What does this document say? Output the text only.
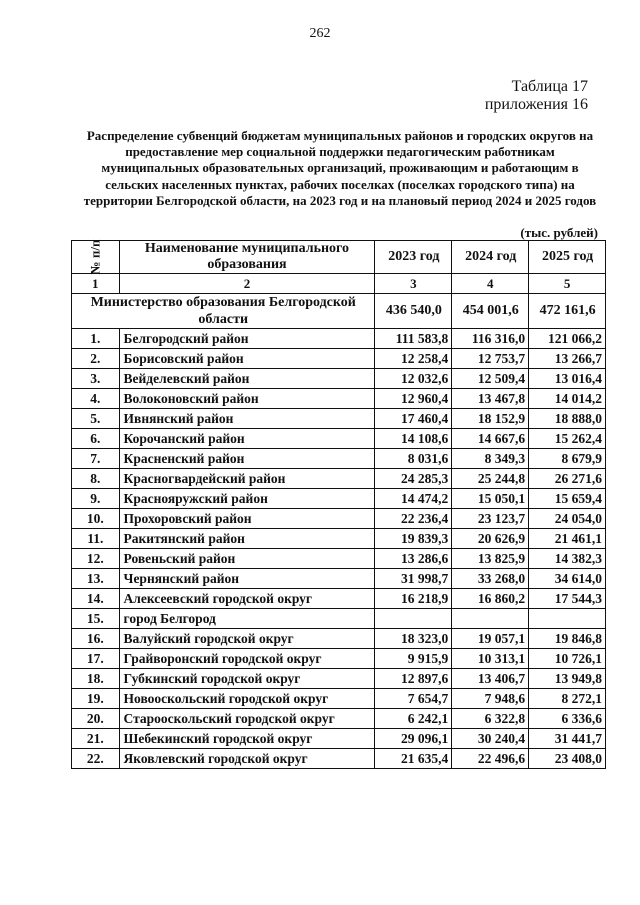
262
Таблица 17
приложения 16
Распределение субвенций бюджетам муниципальных районов и городских округов на предоставление мер социальной поддержки педагогическим работникам муниципальных образовательных организаций, проживающим и работающим в сельских населенных пунктах, рабочих поселках (поселках городского типа) на территории Белгородской области, на 2023 год и на плановый период 2024 и 2025 годов
(тыс. рублей)
№ п/п	Наименование муниципального образования	2023 год	2024 год	2025 год
1	2	3	4	5
Министерство образования Белгородской области		436 540,0	454 001,6	472 161,6
1.	Белгородский район	111 583,8	116 316,0	121 066,2
2.	Борисовский район	12 258,4	12 753,7	13 266,7
3.	Вейделевский район	12 032,6	12 509,4	13 016,4
4.	Волоконовский район	12 960,4	13 467,8	14 014,2
5.	Ивнянский район	17 460,4	18 152,9	18 888,0
6.	Корочанский район	14 108,6	14 667,6	15 262,4
7.	Красненский район	8 031,6	8 349,3	8 679,9
8.	Красногвардейский район	24 285,3	25 244,8	26 271,6
9.	Краснояружский район	14 474,2	15 050,1	15 659,4
10.	Прохоровский район	22 236,4	23 123,7	24 054,0
11.	Ракитянский район	19 839,3	20 626,9	21 461,1
12.	Ровеньский район	13 286,6	13 825,9	14 382,3
13.	Чернянский район	31 998,7	33 268,0	34 614,0
14.	Алексеевский городской округ	16 218,9	16 860,2	17 544,3
15.	город Белгород			
16.	Валуйский городской округ	18 323,0	19 057,1	19 846,8
17.	Грайворонский городской округ	9 915,9	10 313,1	10 726,1
18.	Губкинский городской округ	12 897,6	13 406,7	13 949,8
19.	Новооскольский городской округ	7 654,7	7 948,6	8 272,1
20.	Старооскольский городской округ	6 242,1	6 322,8	6 336,6
21.	Шебекинский городской округ	29 096,1	30 240,4	31 441,7
22.	Яковлевский городской округ	21 635,4	22 496,6	23 408,0
